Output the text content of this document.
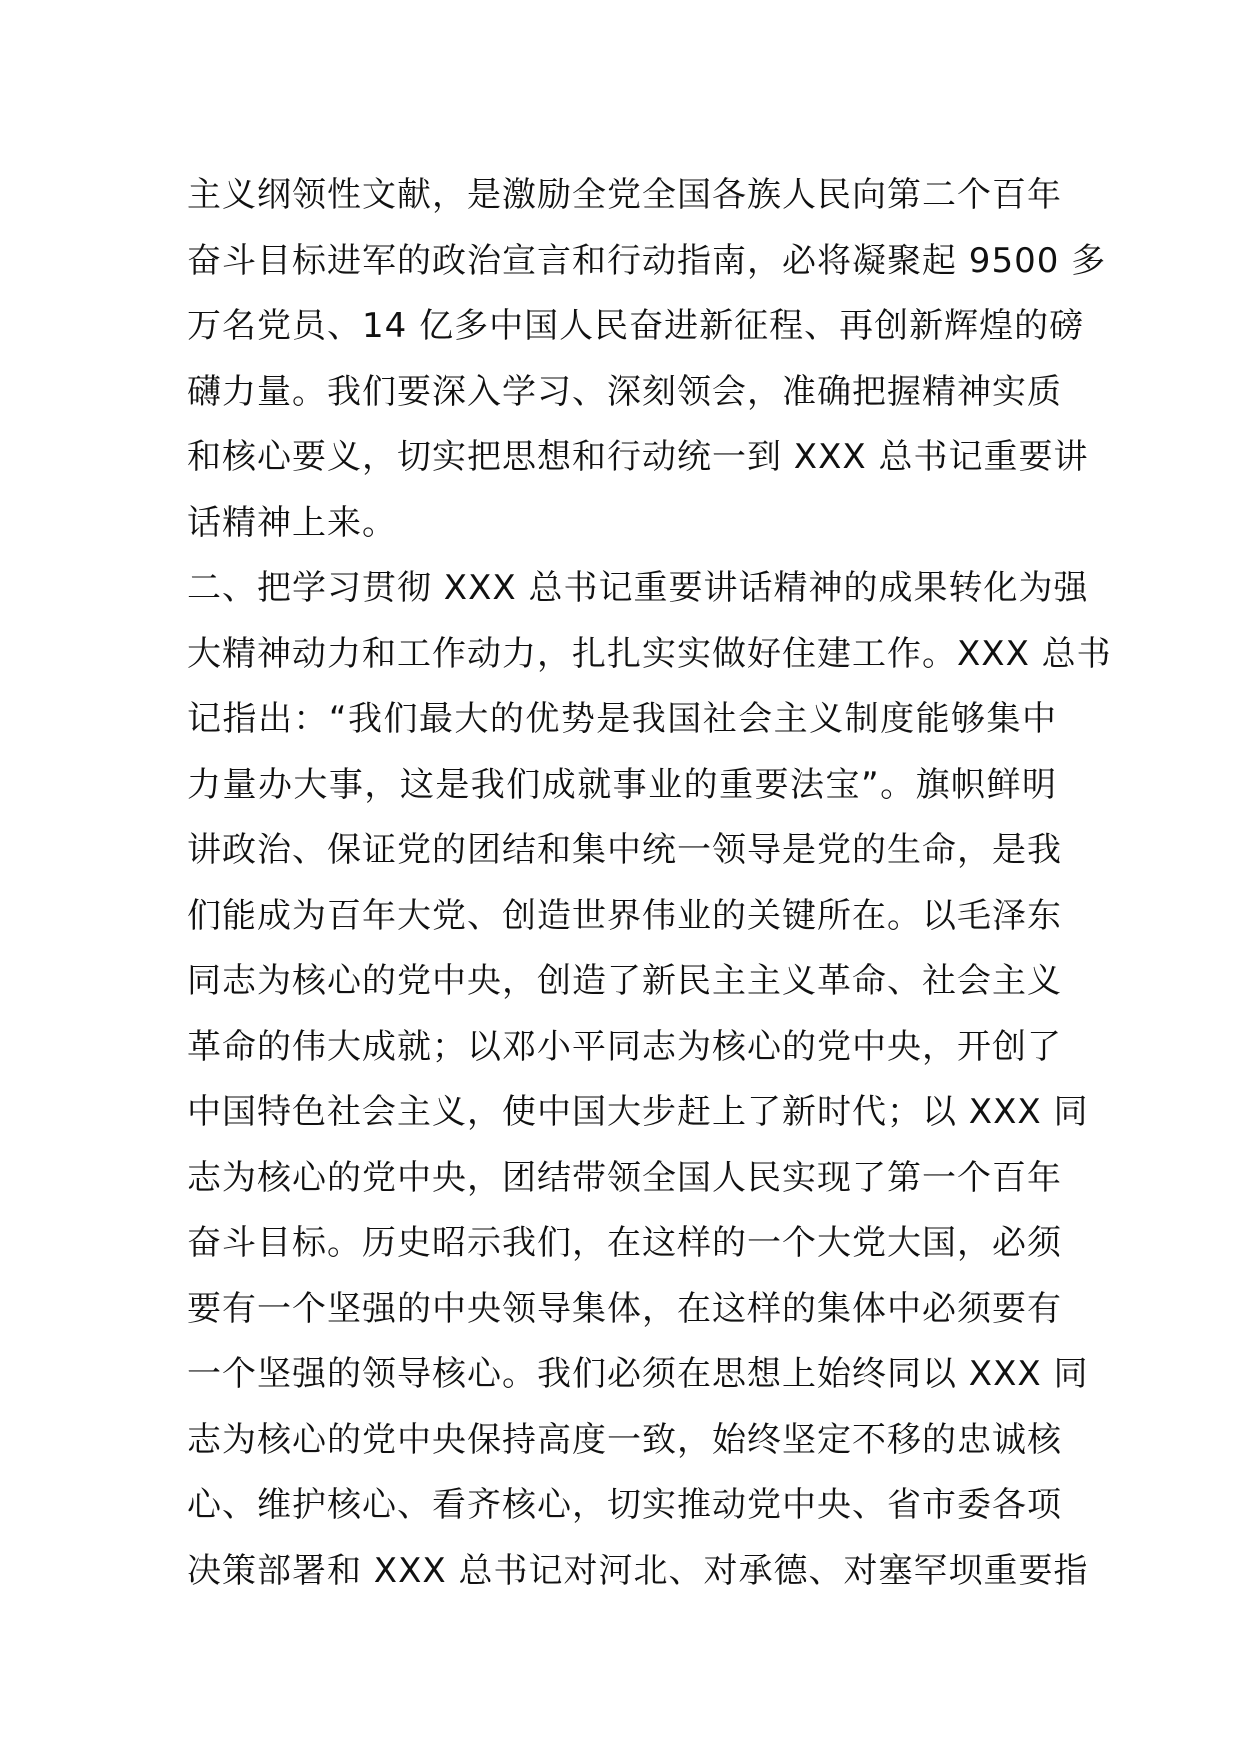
主义纲领性文献，是激励全党全国各族人民向第二个百年
奋斗目标进军的政治宣言和行动指南，必将凝聚起 9500 多
万名党员、14 亿多中国人民奋进新征程、再创新辉煌的磅
礴力量。我们要深入学习、深刻领会，准确把握精神实质
和核心要义，切实把思想和行动统一到 XXX 总书记重要讲
话精神上来。
二、把学习贯彻 XXX 总书记重要讲话精神的成果转化为强
大精神动力和工作动力，扎扎实实做好住建工作。XXX 总书
记指出：“我们最大的优势是我国社会主义制度能够集中
力量办大事，这是我们成就事业的重要法宝”。旗帜鲜明
讲政治、保证党的团结和集中统一领导是党的生命，是我
们能成为百年大党、创造世界伟业的关键所在。以毛泽东
同志为核心的党中央，创造了新民主主义革命、社会主义
革命的伟大成就；以邓小平同志为核心的党中央，开创了
中国特色社会主义，使中国大步赶上了新时代；以 XXX 同
志为核心的党中央，团结带领全国人民实现了第一个百年
奋斗目标。历史昭示我们，在这样的一个大党大国，必须
要有一个坚强的中央领导集体，在这样的集体中必须要有
一个坚强的领导核心。我们必须在思想上始终同以 XXX 同
志为核心的党中央保持高度一致，始终坚定不移的忠诚核
心、维护核心、看齐核心，切实推动党中央、省市委各项
决策部署和 XXX 总书记对河北、对承德、对塞罕坝重要指
